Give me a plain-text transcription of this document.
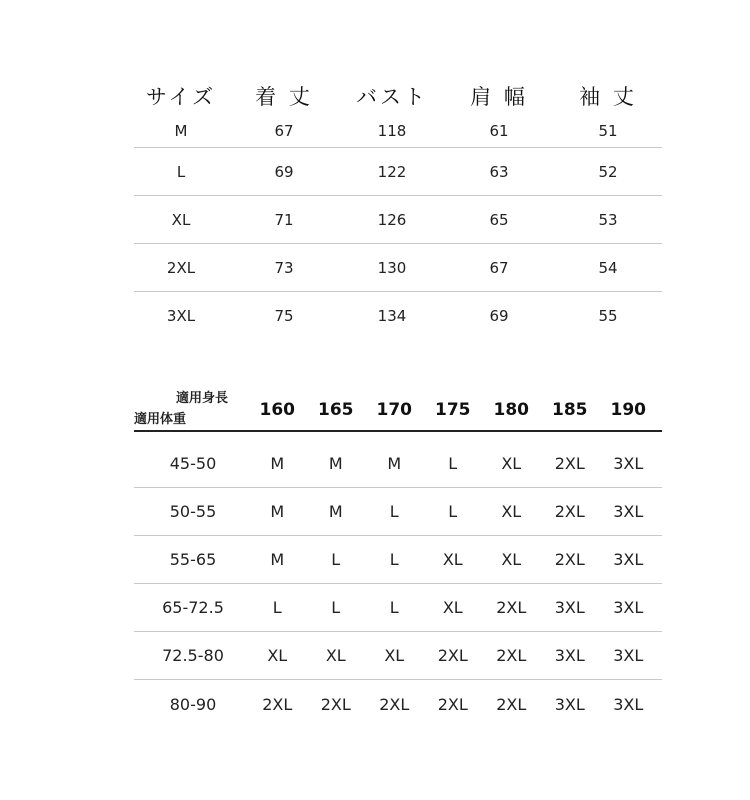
サイズ	着 丈	バスト	肩 幅	袖 丈
M	67	118	61	51
L	69	122	63	52
XL	71	126	65	53
2XL	73	130	67	54
3XL	75	134	69	55
適用身長
適用体重	160	165	170	175	180	185	190
45-50	M	M	M	L	XL	2XL	3XL
50-55	M	M	L	L	XL	2XL	3XL
55-65	M	L	L	XL	XL	2XL	3XL
65-72.5	L	L	L	XL	2XL	3XL	3XL
72.5-80	XL	XL	XL	2XL	2XL	3XL	3XL
80-90	2XL	2XL	2XL	2XL	2XL	3XL	3XL
